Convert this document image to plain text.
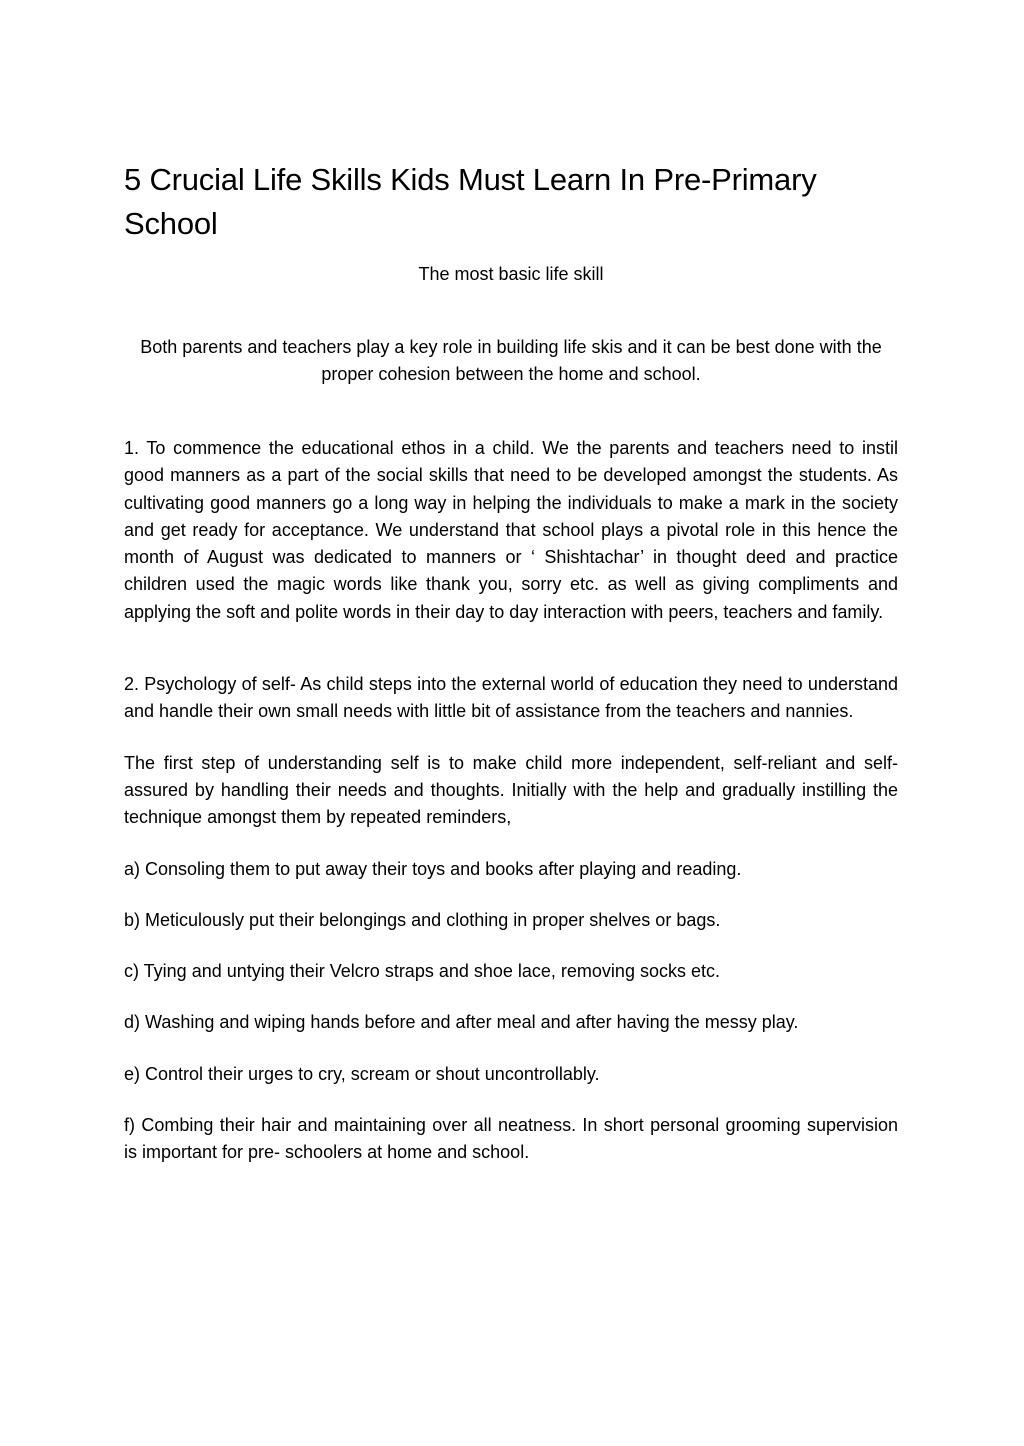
5 Crucial Life Skills Kids Must Learn In Pre-Primary School

The most basic life skill

Both parents and teachers play a key role in building life skis and it can be best done with the proper cohesion between the home and school.

1. To commence the educational ethos in a child. We the parents and teachers need to instil good manners as a part of the social skills that need to be developed amongst the students. As cultivating good manners go a long way in helping the individuals to make a mark in the society and get ready for acceptance. We understand that school plays a pivotal role in this hence the month of August was dedicated to manners or ‘ Shishtachar’ in thought deed and practice children used the magic words like thank you, sorry etc. as well as giving compliments and applying the soft and polite words in their day to day interaction with peers, teachers and family.

2. Psychology of self- As child steps into the external world of education they need to understand and handle their own small needs with little bit of assistance from the teachers and nannies.

The first step of understanding self is to make child more independent, self-reliant and self-assured by handling their needs and thoughts. Initially with the help and gradually instilling the technique amongst them by repeated reminders,

a) Consoling them to put away their toys and books after playing and reading.

b) Meticulously put their belongings and clothing in proper shelves or bags.

c) Tying and untying their Velcro straps and shoe lace, removing socks etc.

d) Washing and wiping hands before and after meal and after having the messy play.

e) Control their urges to cry, scream or shout uncontrollably.

f) Combing their hair and maintaining over all neatness. In short personal grooming supervision is important for pre- schoolers at home and school.
